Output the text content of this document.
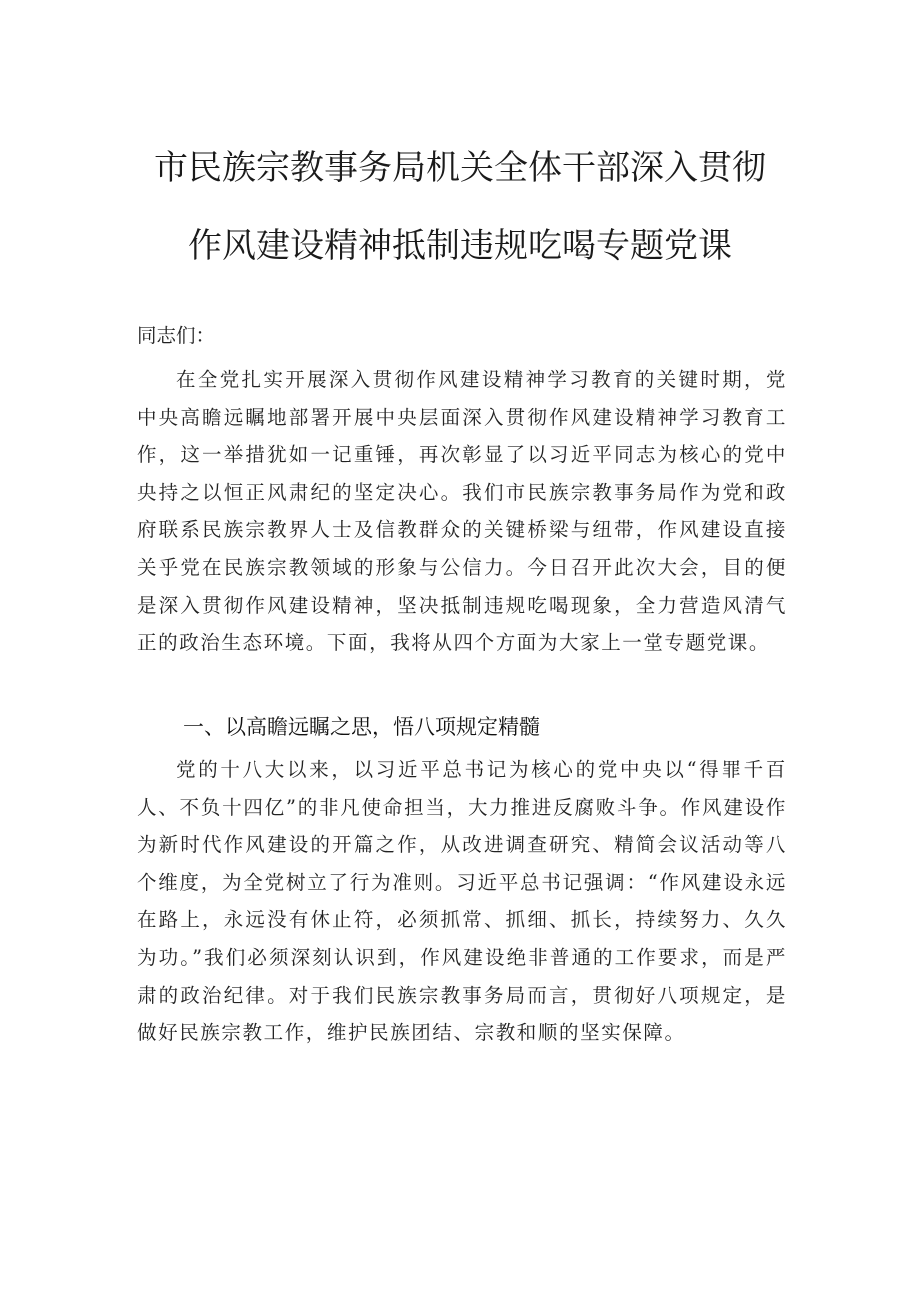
市民族宗教事务局机关全体干部深入贯彻
作风建设精神抵制违规吃喝专题党课
同志们：

在全党扎实开展深入贯彻作风建设精神学习教育的关键时期，党中央高瞻远瞩地部署开展中央层面深入贯彻作风建设精神学习教育工作，这一举措犹如一记重锤，再次彰显了以习近平同志为核心的党中央持之以恒正风肃纪的坚定决心。我们市民族宗教事务局作为党和政府联系民族宗教界人士及信教群众的关键桥梁与纽带，作风建设直接关乎党在民族宗教领域的形象与公信力。今日召开此次大会，目的便是深入贯彻作风建设精神，坚决抵制违规吃喝现象，全力营造风清气正的政治生态环境。下面，我将从四个方面为大家上一堂专题党课。

一、以高瞻远瞩之思，悟八项规定精髓

党的十八大以来，以习近平总书记为核心的党中央以“得罪千百人、不负十四亿”的非凡使命担当，大力推进反腐败斗争。作风建设作为新时代作风建设的开篇之作，从改进调查研究、精简会议活动等八个维度，为全党树立了行为准则。习近平总书记强调：“作风建设永远在路上，永远没有休止符，必须抓常、抓细、抓长，持续努力、久久为功。”我们必须深刻认识到，作风建设绝非普通的工作要求，而是严肃的政治纪律。对于我们民族宗教事务局而言，贯彻好八项规定，是做好民族宗教工作，维护民族团结、宗教和顺的坚实保障。
